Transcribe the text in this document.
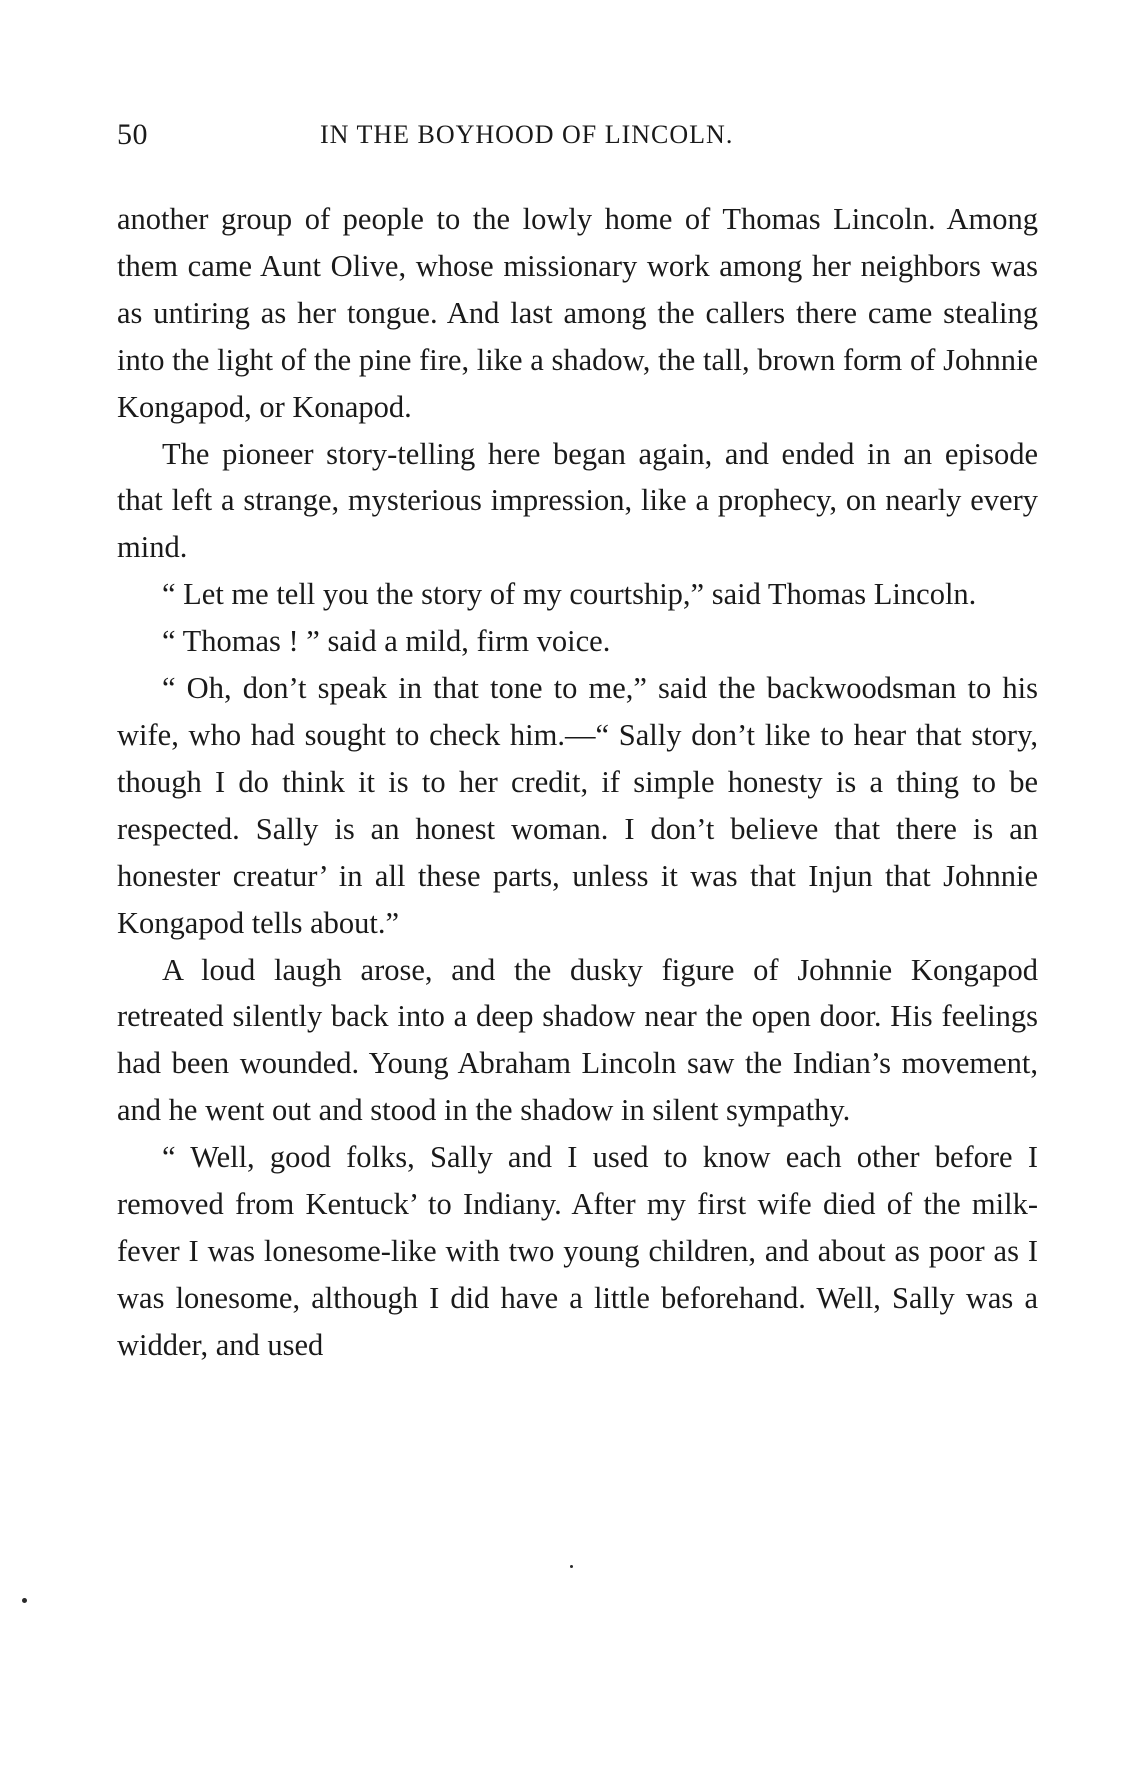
50	IN THE BOYHOOD OF LINCOLN.

another group of people to the lowly home of Thomas Lincoln. Among them came Aunt Olive, whose missionary work among her neighbors was as untiring as her tongue. And last among the callers there came stealing into the light of the pine fire, like a shadow, the tall, brown form of Johnnie Kongapod, or Konapod.

The pioneer story-telling here began again, and ended in an episode that left a strange, mysterious impression, like a prophecy, on nearly every mind.

“ Let me tell you the story of my courtship,” said Thomas Lincoln.

“ Thomas ! ” said a mild, firm voice.

“ Oh, don’t speak in that tone to me,” said the backwoodsman to his wife, who had sought to check him.—“ Sally don’t like to hear that story, though I do think it is to her credit, if simple honesty is a thing to be respected. Sally is an honest woman. I don’t believe that there is an honester creatur’ in all these parts, unless it was that Injun that Johnnie Kongapod tells about.”

A loud laugh arose, and the dusky figure of Johnnie Kongapod retreated silently back into a deep shadow near the open door. His feelings had been wounded. Young Abraham Lincoln saw the Indian’s movement, and he went out and stood in the shadow in silent sympathy.

“ Well, good folks, Sally and I used to know each other before I removed from Kentuck’ to Indiany. After my first wife died of the milk-fever I was lonesome-like with two young children, and about as poor as I was lonesome, although I did have a little beforehand. Well, Sally was a widder, and used
